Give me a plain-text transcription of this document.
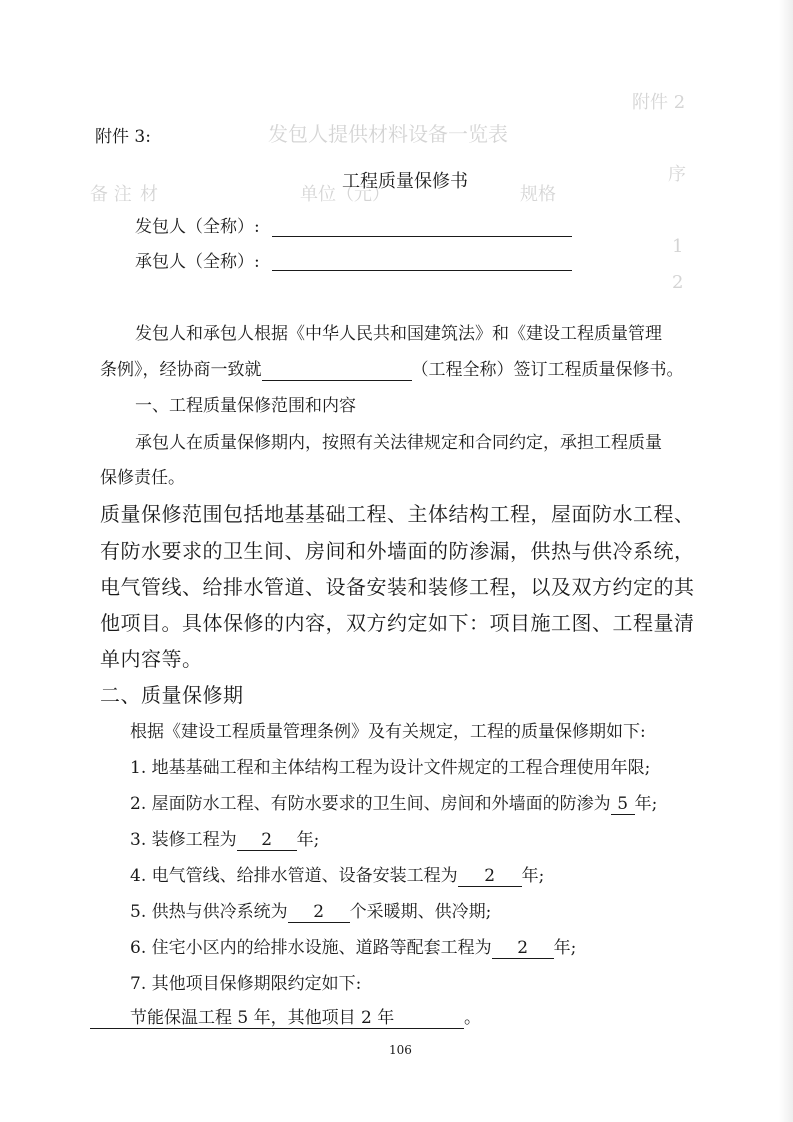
附件 2
发包人提供材料设备一览表
序
材	规格
单位（元）
备 注
1
2
附件 3:
工程质量保修书
发包人（全称）:
承包人（全称）:
发包人和承包人根据《中华人民共和国建筑法》和《建设工程质量管理
条例》，经协商一致就	（工程全称）签订工程质量保修书。
一、工程质量保修范围和内容
承包人在质量保修期内，按照有关法律规定和合同约定，承担工程质量
保修责任。
质量保修范围包括地基基础工程、主体结构工程，屋面防水工程、
有防水要求的卫生间、房间和外墙面的防渗漏，供热与供冷系统，
电气管线、给排水管道、设备安装和装修工程，以及双方约定的其
他项目。具体保修的内容，双方约定如下：项目施工图、工程量清
单内容等。
二、质量保修期
根据《建设工程质量管理条例》及有关规定，工程的质量保修期如下:
1. 地基基础工程和主体结构工程为设计文件规定的工程合理使用年限;
2. 屋面防水工程、有防水要求的卫生间、房间和外墙面的防渗为 5 年;
3. 装修工程为 2 年;
4. 电气管线、给排水管道、设备安装工程为 2 年;
5. 供热与供冷系统为 2 个采暖期、供冷期;
6. 住宅小区内的给排水设施、道路等配套工程为 2 年;
7. 其他项目保修期限约定如下:
节能保温工程 5 年，其他项目 2 年	。
106
